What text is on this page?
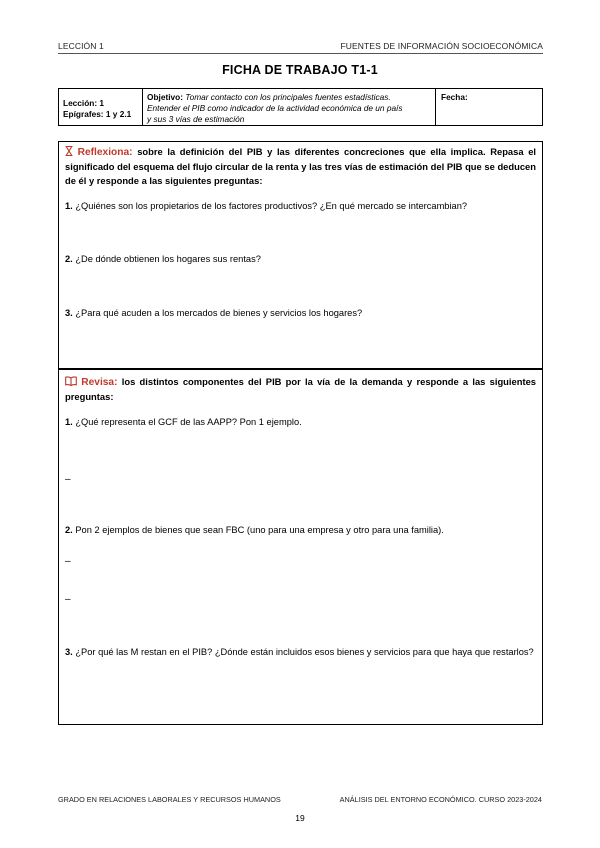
LECCIÓN 1	FUENTES DE INFORMACIÓN SOCIOECONÓMICA
FICHA DE TRABAJO T1-1
Lección: 1
Epígrafes: 1 y 2.1
Objetivo: Tomar contacto con los principales fuentes estadísticas.
Entender el PIB como indicador de la actividad económica de un país
y sus 3 vías de estimación
Fecha:
Reflexiona: sobre la definición del PIB y las diferentes concreciones que ella implica. Repasa el significado del esquema del flujo circular de la renta y las tres vías de estimación del PIB que se deducen de él y responde a las siguientes preguntas:
1. ¿Quiénes son los propietarios de los factores productivos? ¿En qué mercado se intercambian?
2. ¿De dónde obtienen los hogares sus rentas?
3. ¿Para qué acuden a los mercados de bienes y servicios los hogares?
Revisa: los distintos componentes del PIB por la vía de la demanda y responde a las siguientes preguntas:
1. ¿Qué representa el GCF de las AAPP? Pon 1 ejemplo.
–
2. Pon 2 ejemplos de bienes que sean FBC (uno para una empresa y otro para una familia).
–
–
3. ¿Por qué las M restan en el PIB? ¿Dónde están incluidos esos bienes y servicios para que haya que restarlos?
GRADO EN RELACIONES LABORALES Y RECURSOS HUMANOS	ANÁLISIS DEL ENTORNO ECONÓMICO. CURSO 2023-2024
19
